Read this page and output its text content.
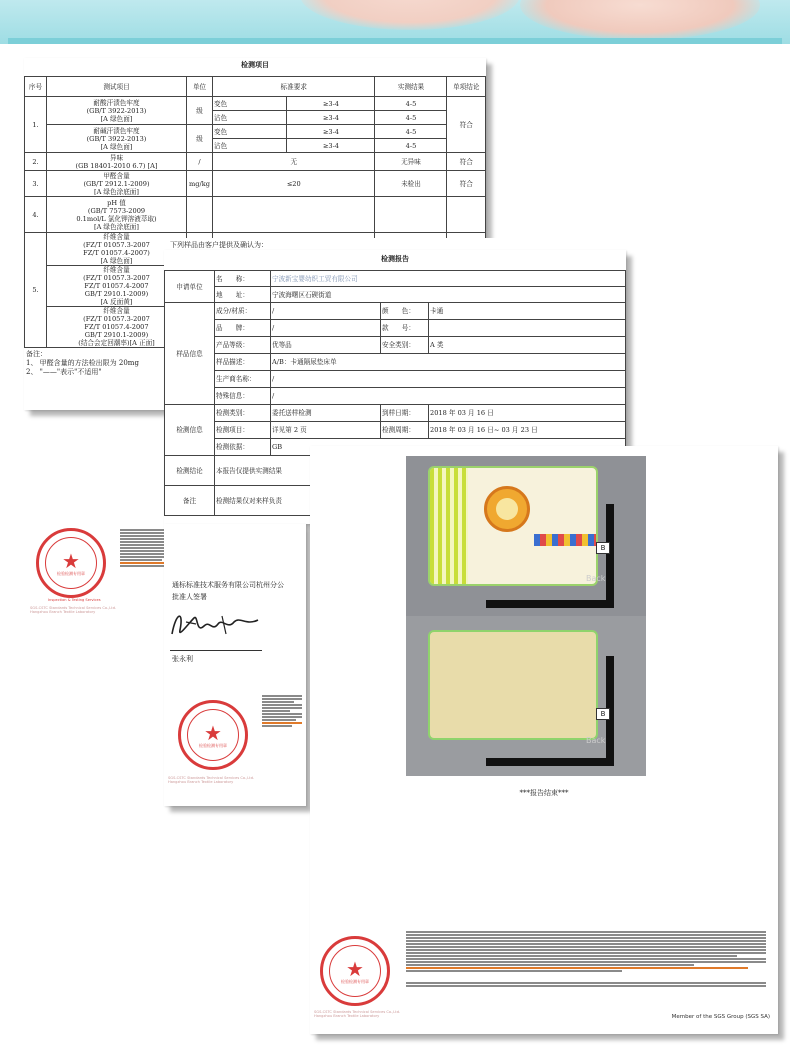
检测项目
序号	测试项目	单位	标准要求		实测结果	单项结论
1.	耐酸汗渍色牢度
(GB/T 3922-2013)
[A 绿色面]	级	变色	≥3-4	4-5	符合
			沾色	≥3-4	4-5	
	耐碱汗渍色牢度
(GB/T 3922-2013)
[A 绿色面]	级	变色	≥3-4	4-5	
			沾色	≥3-4	4-5	
2.	异味
(GB 18401-2010 6.7) [A]	/	无		无异味	符合
3.	甲醛含量
(GB/T 2912.1-2009)
[A 绿色涂底面]	mg/kg	≤20		未检出	符合
4.	pH 值
(GB/T 7573-2009
0.1mol/L 氯化钾溶液萃取)
[A 绿色涂底面]					
5.	纤维含量
(FZ/T 01057.3-2007
FZ/T 01057.4-2007)
[A 绿色面]					
	纤维含量
(FZ/T 01057.3-2007
FZ/T 01057.4-2007
GB/T 2910.1-2009)
[A 反面黄]					
	纤维含量
(FZ/T 01057.3-2007
FZ/T 01057.4-2007
GB/T 2910.1-2009)
(结合会定回潮率)[A 正面]					
备注：
1、 甲醛含量的方法检出限为 20mg
2、 "——"表示"不适用"
★
检验检测专用章
Inspection & Testing Services
SGS-CSTC Standards Technical Services Co.,Ltd.
Hangzhou Branch Textile Laboratory
下列样品由客户提供及确认为：
检测报告
申请单位	名　　称：	宁波新宝婴幼织工贸有限公司		
	地　　址：	宁波海曙区石碶街道		
样品信息	成分/材质：	/	颜　　色：	卡通
	品　　牌：	/	款　　号：	
	产品等级：	优等品	安全类别：	A 类
	样品描述：	A/B：卡通隔尿垫床单		
	生产商名称：	/		
	特殊信息：	/		
检测信息	检测类别：	委托送样检测	到样日期：	2018 年 03 月 16 日
	检测项目：	详见第 2 页	检测周期：	2018 年 03 月 16 日~ 03 月 23 日
	检测依据：	GB		
检测结论	本报告仅提供实测结果			
备注	检测结果仅对来样负责			
通标标准技术服务有限公司杭州分公
批准人签署
张永利
★
检验检测专用章
SGS-CSTC Standards Technical Services Co.,Ltd.
Hangzhou Branch Textile Laboratory
B
Back
B
Back
***报告结束***
★
检验检测专用章
SGS-CSTC Standards Technical Services Co.,Ltd.
Hangzhou Branch Textile Laboratory	Member of the SGS Group (SGS SA)
